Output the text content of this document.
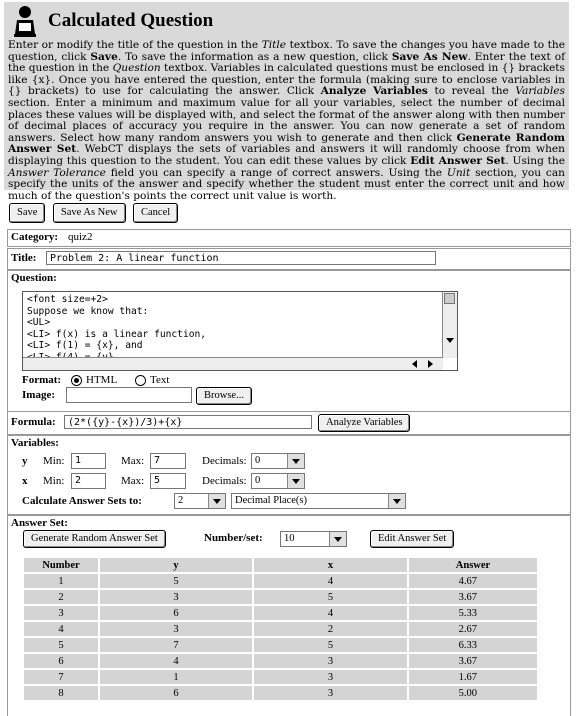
Calculated Question
Enter or modify the title of the question in the Title textbox. To save the changes you have made to the question, click Save. To save the information as a new question, click Save As New. Enter the text of the question in the Question textbox. Variables in calculated questions must be enclosed in {} brackets like {x}. Once you have entered the question, enter the formula (making sure to enclose variables in {} brackets) to use for calculating the answer. Click Analyze Variables to reveal the Variables section. Enter a minimum and maximum value for all your variables, select the number of decimal places these values will be displayed with, and select the format of the answer along with then number of decimal places of accuracy you require in the answer. You can now generate a set of random answers. Select how many random answers you wish to generate and then click Generate Random Answer Set. WebCT displays the sets of variables and answers it will randomly choose from when displaying this question to the student. You can edit these values by click Edit Answer Set. Using the Answer Tolerance field you can specify a range of correct answers. Using the Unit section, you can specify the units of the answer and specify whether the student must enter the correct unit and how much of the question's points the correct unit value is worth.
Save Save As New Cancel
Category: quiz2
Title:	Problem 2: A linear function
Question:
<font size=+2>
Suppose we know that:
<UL>
<LI> f(x) is a linear function,
<LI> f(1) = {x}, and
Format: HTML	Text
Image:	Browse...
Formula:	(2*({y}-{x})/3)+{x}	Analyze Variables
Variables:
y Min:	1	Max: 7	Decimals: 0
x Min:	2	Max: 5	Decimals: 0
Calculate Answer Sets to:	2	Decimal Place(s)
Answer Set:
Generate Random Answer Set	Number/set:	10	Edit Answer Set
Number	y	x	Answer
1	5	4	4.67
2	3	5	3.67
3	6	4	5.33
4	3	2	2.67
5	7	5	6.33
6	4	3	3.67
7	1	3	1.67
8	6	3	5.00
